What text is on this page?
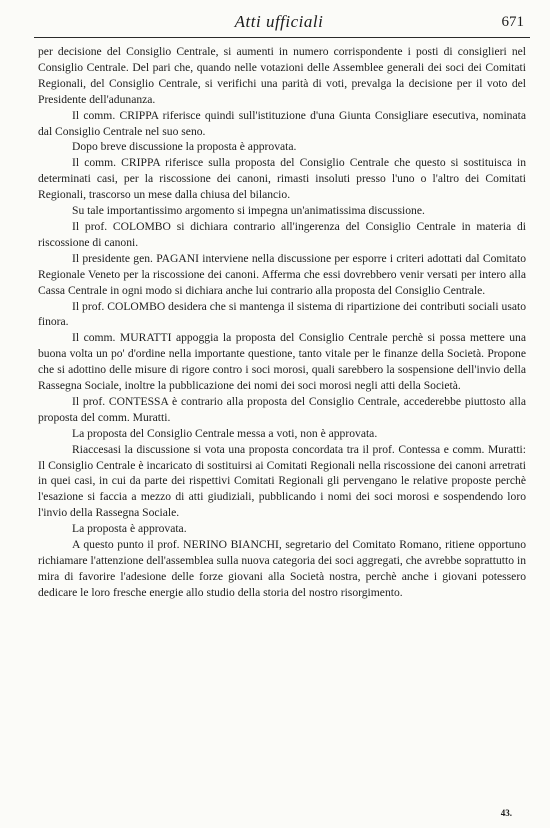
Atti ufficiali	671

per decisione del Consiglio Centrale, si aumenti in numero corrispondente i posti di consiglieri nel Consiglio Centrale. Del pari che, quando nelle votazioni delle Assemblee generali dei soci dei Comitati Regionali, del Consiglio Centrale, si verifichi una parità di voti, prevalga la decisione per il voto del Presidente dell'adunanza.

Il comm. CRIPPA riferisce quindi sull'istituzione d'una Giunta Consigliare esecutiva, nominata dal Consiglio Centrale nel suo seno.

Dopo breve discussione la proposta è approvata.

Il comm. CRIPPA riferisce sulla proposta del Consiglio Centrale che questo si sostituisca in determinati casi, per la riscossione dei canoni, rimasti insoluti presso l'uno o l'altro dei Comitati Regionali, trascorso un mese dalla chiusa del bilancio.

Su tale importantissimo argomento si impegna un'animatissima discussione.

Il prof. COLOMBO si dichiara contrario all'ingerenza del Consiglio Centrale in materia di riscossione di canoni.

Il presidente gen. PAGANI interviene nella discussione per esporre i criteri adottati dal Comitato Regionale Veneto per la riscossione dei canoni. Afferma che essi dovrebbero venir versati per intero alla Cassa Centrale in ogni modo si dichiara anche lui contrario alla proposta del Consiglio Centrale.

Il prof. COLOMBO desidera che si mantenga il sistema di ripartizione dei contributi sociali usato finora.

Il comm. MURATTI appoggia la proposta del Consiglio Centrale perchè si possa mettere una buona volta un po' d'ordine nella importante questione, tanto vitale per le finanze della Società. Propone che si adottino delle misure di rigore contro i soci morosi, quali sarebbero la sospensione dell'invio della Rassegna Sociale, inoltre la pubblicazione dei nomi dei soci morosi negli atti della Società.

Il prof. CONTESSA è contrario alla proposta del Consiglio Centrale, accederebbe piuttosto alla proposta del comm. Muratti.

La proposta del Consiglio Centrale messa a voti, non è approvata.

Riaccesasi la discussione si vota una proposta concordata tra il prof. Contessa e comm. Muratti: Il Consiglio Centrale è incaricato di sostituirsi ai Comitati Regionali nella riscossione dei canoni arretrati in quei casi, in cui da parte dei rispettivi Comitati Regionali gli pervengano le relative proposte perchè l'esazione si faccia a mezzo di atti giudiziali, pubblicando i nomi dei soci morosi e sospendendo loro l'invio della Rassegna Sociale.

La proposta è approvata.

A questo punto il prof. NERINO BIANCHI, segretario del Comitato Romano, ritiene opportuno richiamare l'attenzione dell'assemblea sulla nuova categoria dei soci aggregati, che avrebbe soprattutto in mira di favorire l'adesione delle forze giovani alla Società nostra, perchè anche i giovani potessero dedicare le loro fresche energie allo studio della storia del nostro risorgimento.

43.
